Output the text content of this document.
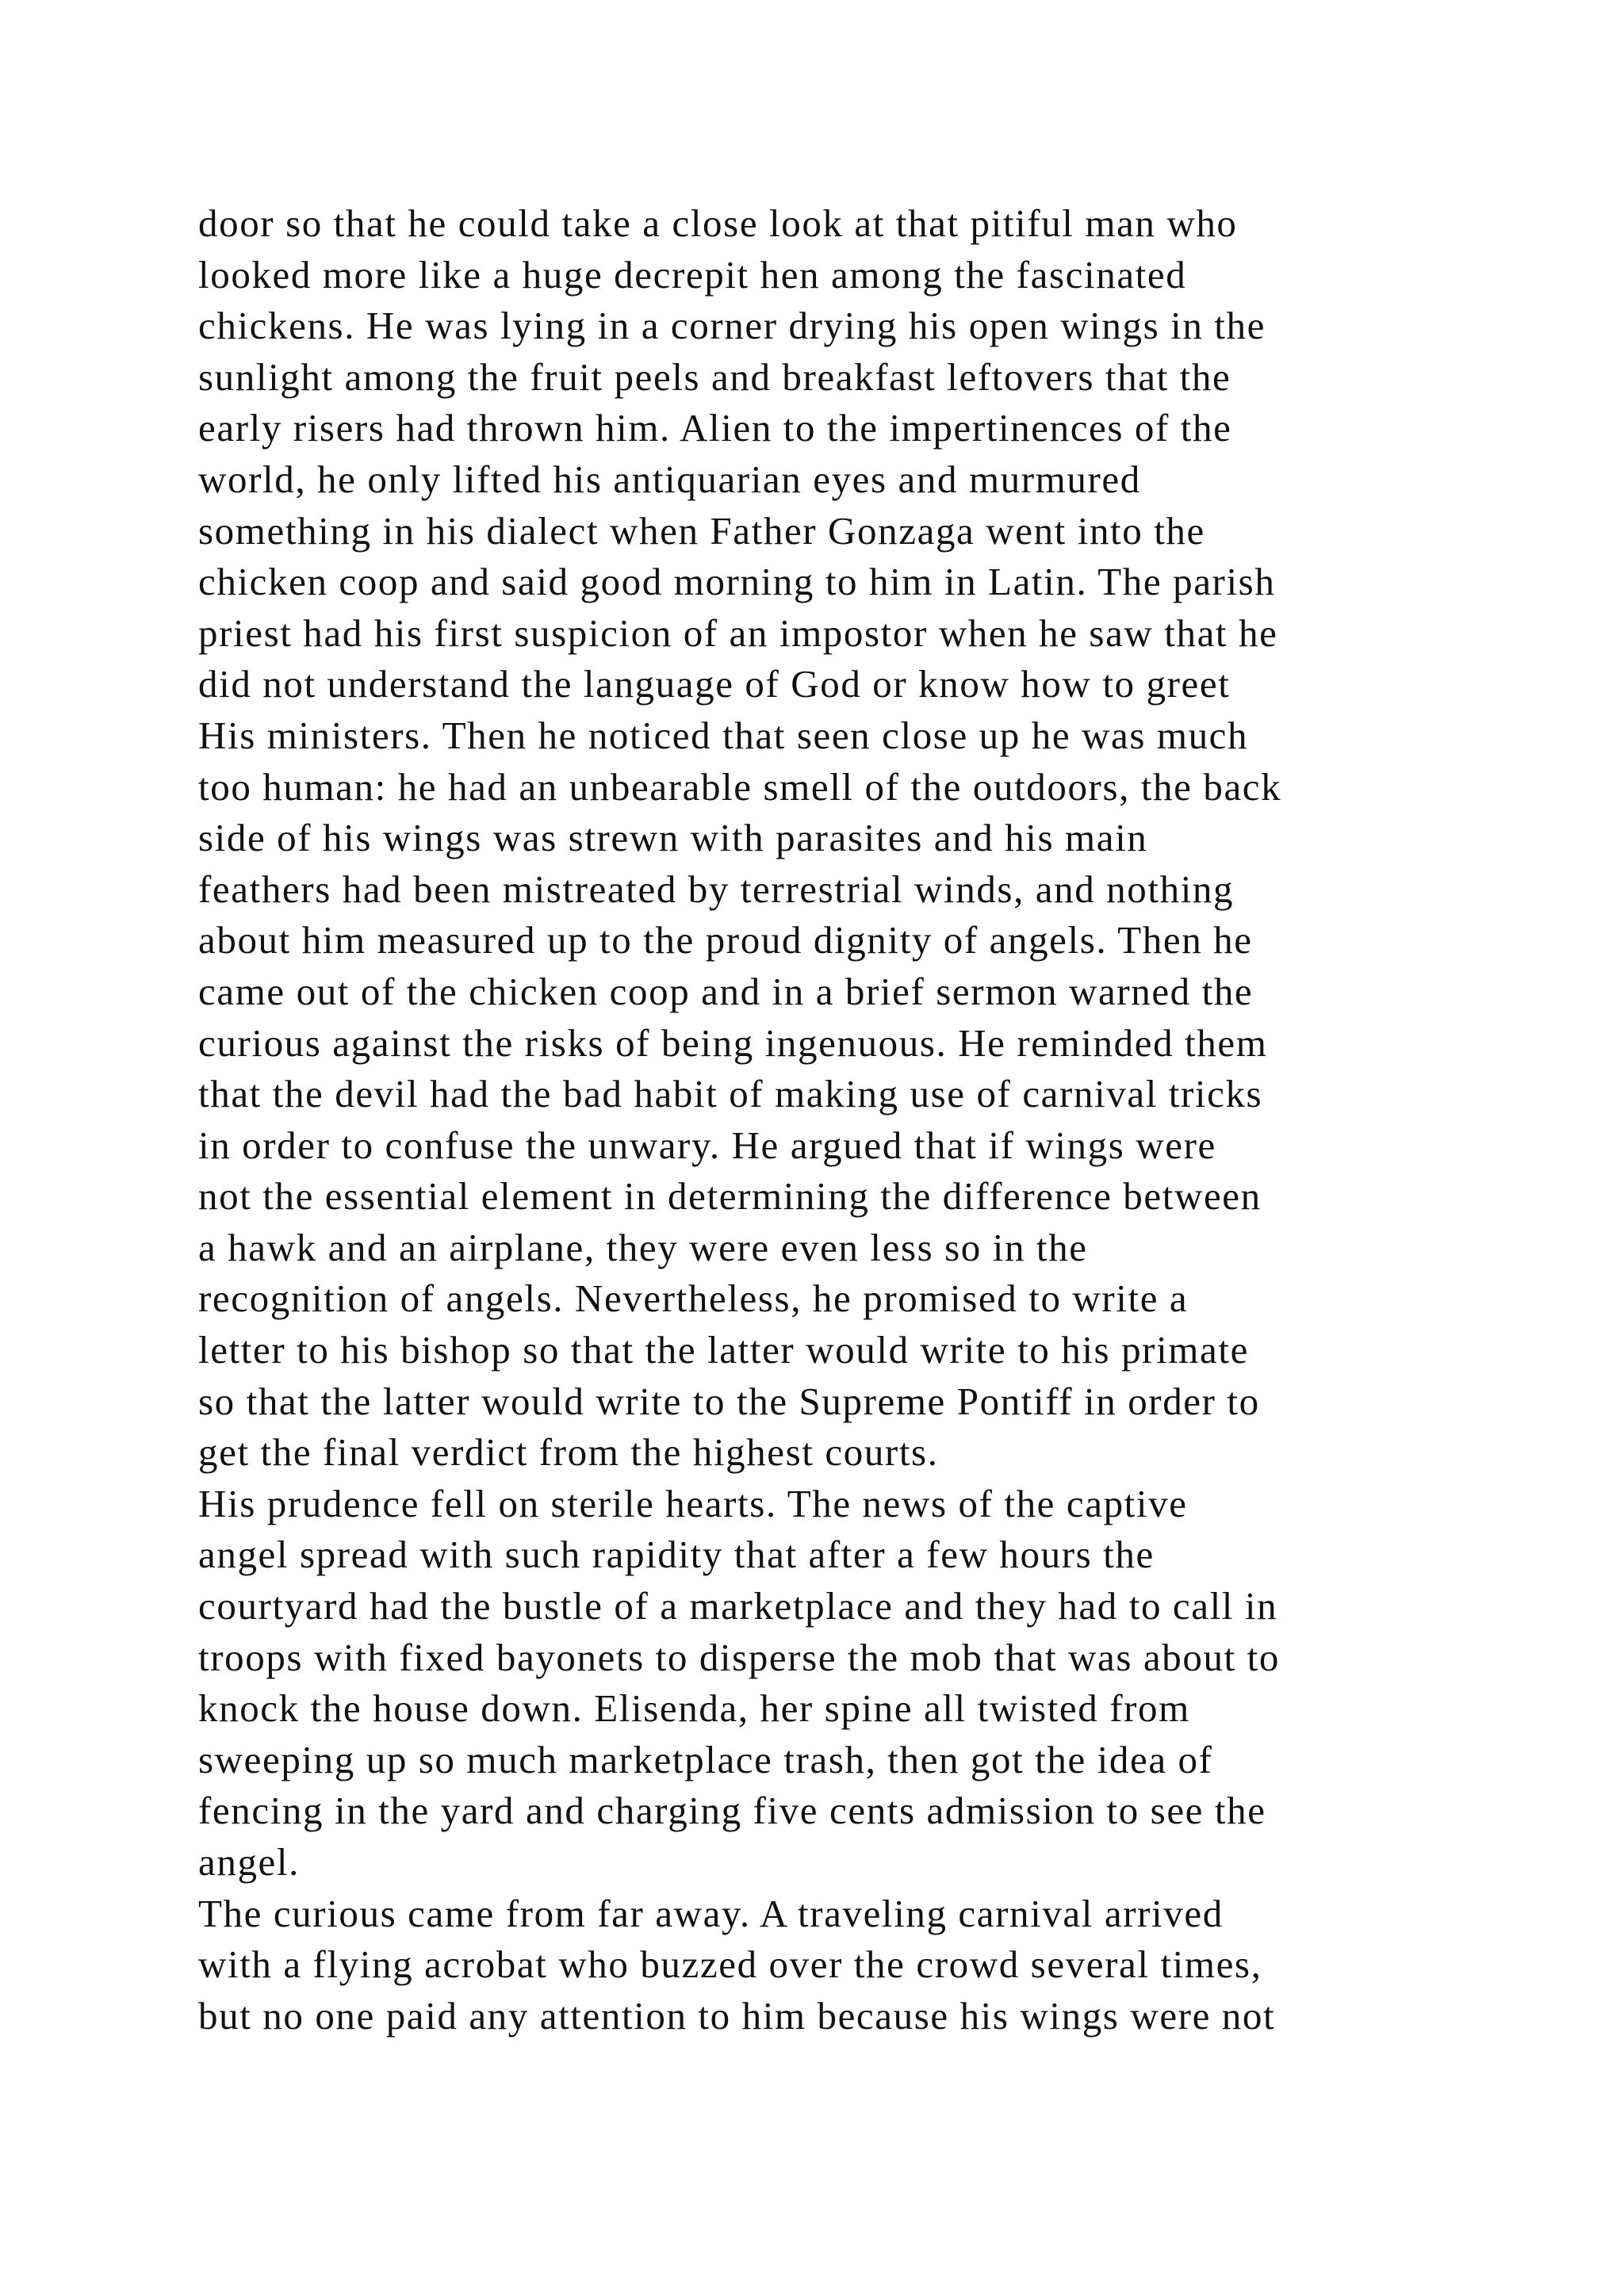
door so that he could take a close look at that pitiful man who
looked more like a huge decrepit hen among the fascinated
chickens. He was lying in a corner drying his open wings in the
sunlight among the fruit peels and breakfast leftovers that the
early risers had thrown him. Alien to the impertinences of the
world, he only lifted his antiquarian eyes and murmured
something in his dialect when Father Gonzaga went into the
chicken coop and said good morning to him in Latin. The parish
priest had his first suspicion of an impostor when he saw that he
did not understand the language of God or know how to greet
His ministers. Then he noticed that seen close up he was much
too human: he had an unbearable smell of the outdoors, the back
side of his wings was strewn with parasites and his main
feathers had been mistreated by terrestrial winds, and nothing
about him measured up to the proud dignity of angels. Then he
came out of the chicken coop and in a brief sermon warned the
curious against the risks of being ingenuous. He reminded them
that the devil had the bad habit of making use of carnival tricks
in order to confuse the unwary. He argued that if wings were
not the essential element in determining the difference between
a hawk and an airplane, they were even less so in the
recognition of angels. Nevertheless, he promised to write a
letter to his bishop so that the latter would write to his primate
so that the latter would write to the Supreme Pontiff in order to
get the final verdict from the highest courts.
His prudence fell on sterile hearts. The news of the captive
angel spread with such rapidity that after a few hours the
courtyard had the bustle of a marketplace and they had to call in
troops with fixed bayonets to disperse the mob that was about to
knock the house down. Elisenda, her spine all twisted from
sweeping up so much marketplace trash, then got the idea of
fencing in the yard and charging five cents admission to see the
angel.
The curious came from far away. A traveling carnival arrived
with a flying acrobat who buzzed over the crowd several times,
but no one paid any attention to him because his wings were not
